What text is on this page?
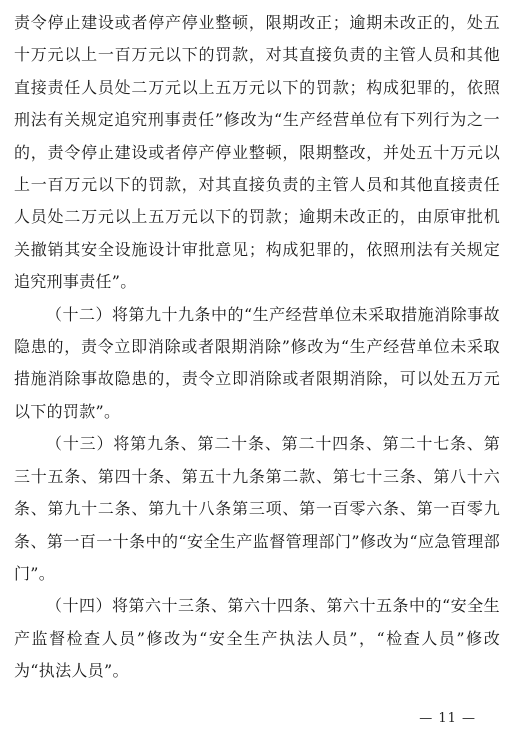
责令停止建设或者停产停业整顿，限期改正；逾期未改正的，处五十万元以上一百万元以下的罚款，对其直接负责的主管人员和其他直接责任人员处二万元以上五万元以下的罚款；构成犯罪的，依照刑法有关规定追究刑事责任”修改为“生产经营单位有下列行为之一的，责令停止建设或者停产停业整顿，限期整改，并处五十万元以上一百万元以下的罚款，对其直接负责的主管人员和其他直接责任人员处二万元以上五万元以下的罚款；逾期未改正的，由原审批机关撤销其安全设施设计审批意见；构成犯罪的，依照刑法有关规定追究刑事责任”。

（十二）将第九十九条中的“生产经营单位未采取措施消除事故隐患的，责令立即消除或者限期消除”修改为“生产经营单位未采取措施消除事故隐患的，责令立即消除或者限期消除，可以处五万元以下的罚款”。

（十三）将第九条、第二十条、第二十四条、第二十七条、第三十五条、第四十条、第五十九条第二款、第七十三条、第八十六条、第九十二条、第九十八条第三项、第一百零六条、第一百零九条、第一百一十条中的“安全生产监督管理部门”修改为“应急管理部门”。

（十四）将第六十三条、第六十四条、第六十五条中的“安全生产监督检查人员”修改为“安全生产执法人员”，“检查人员”修改为“执法人员”。

— 11 —
